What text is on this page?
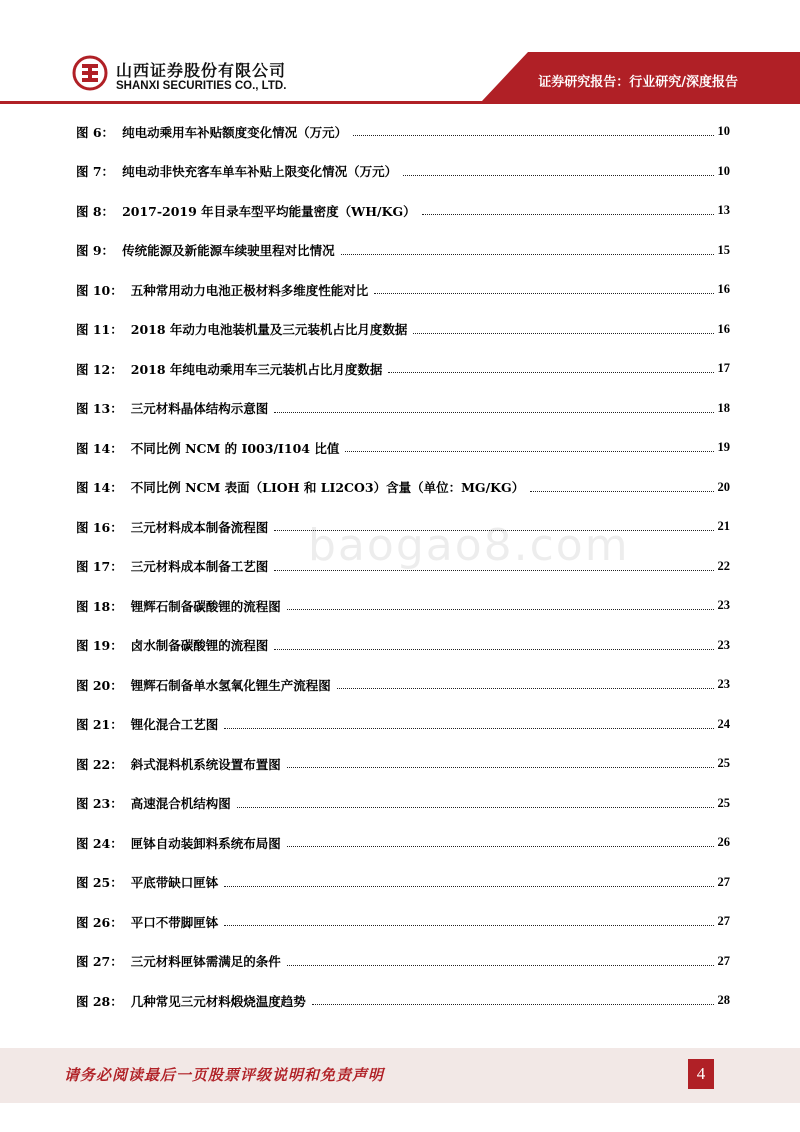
山西证券股份有限公司
SHANXI SECURITIES CO., LTD.	证券研究报告：行业研究/深度报告
图 6： 纯电动乘用车补贴额度变化情况（万元）	10
图 7： 纯电动非快充客车单车补贴上限变化情况（万元）	10
图 8： 2017-2019 年目录车型平均能量密度（WH/KG）	13
图 9： 传统能源及新能源车续驶里程对比情况	15
图 10： 五种常用动力电池正极材料多维度性能对比	16
图 11： 2018 年动力电池装机量及三元装机占比月度数据	16
图 12： 2018 年纯电动乘用车三元装机占比月度数据	17
图 13： 三元材料晶体结构示意图	18
图 14： 不同比例 NCM 的 I003/I104 比值	19
图 14： 不同比例 NCM 表面（LIOH 和 LI2CO3）含量（单位：MG/KG）	20
图 16： 三元材料成本制备流程图	21
图 17： 三元材料成本制备工艺图	22
图 18： 锂辉石制备碳酸锂的流程图	23
图 19： 卤水制备碳酸锂的流程图	23
图 20： 锂辉石制备单水氢氧化锂生产流程图	23
图 21： 锂化混合工艺图	24
图 22： 斜式混料机系统设置布置图	25
图 23： 高速混合机结构图	25
图 24： 匣钵自动装卸料系统布局图	26
图 25： 平底带缺口匣钵	27
图 26： 平口不带脚匣钵	27
图 27： 三元材料匣钵需满足的条件	27
图 28： 几种常见三元材料煅烧温度趋势	28
baogao8.com
请务必阅读最后一页股票评级说明和免责声明	4
